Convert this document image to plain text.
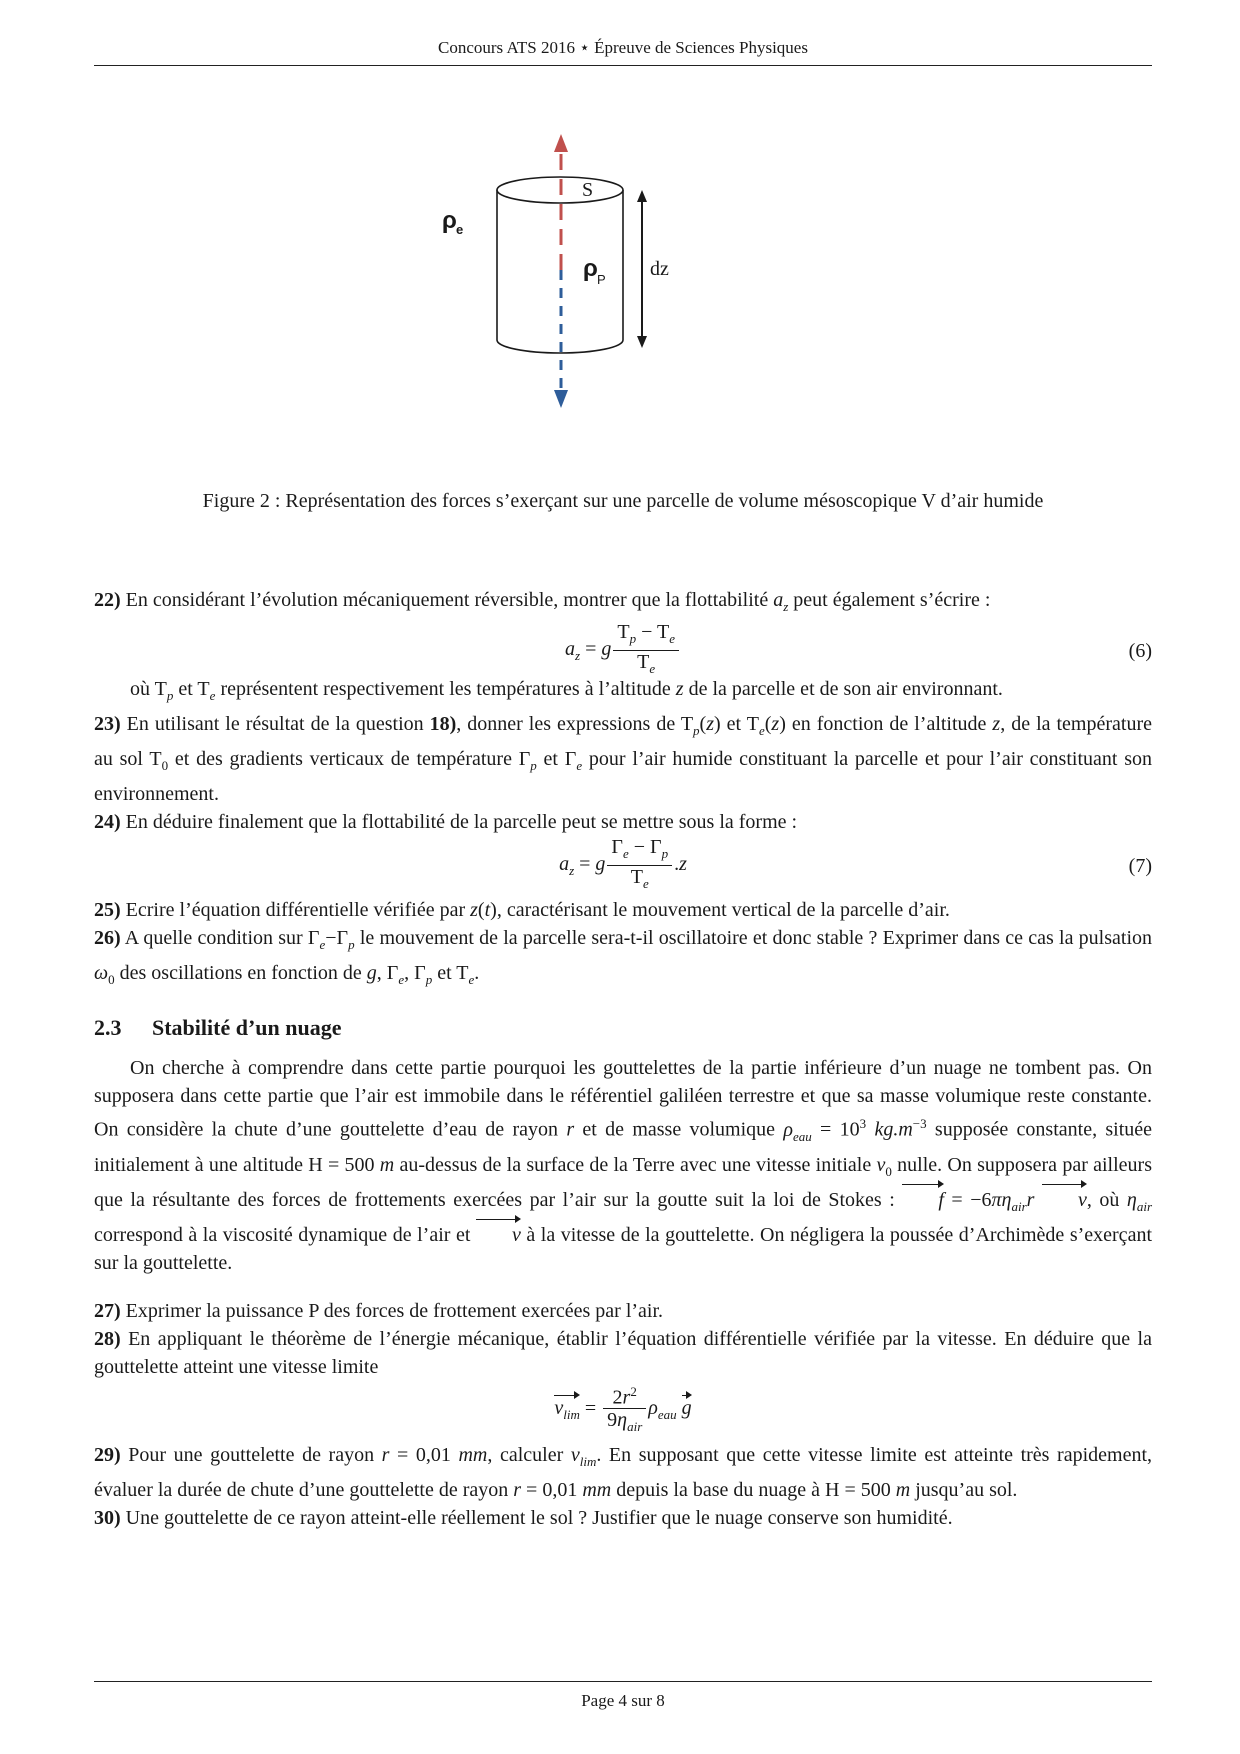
Concours ATS 2016 ⋆ Épreuve de Sciences Physiques
S
dz
ρ P
ρ e
Figure 2 : Représentation des forces s’exerçant sur une parcelle de volume mésoscopique V d’air humide

22) En considérant l’évolution mécaniquement réversible, montrer que la flottabilité $a_z$ peut également s’écrire :

$a_z = g \frac{T_p - T_e}{T_e}$	(6)

où $T_p$ et $T_e$ représentent respectivement les températures à l’altitude z de la parcelle et de son air environnant.

23) En utilisant le résultat de la question 18), donner les expressions de $T_p(z)$ et $T_e(z)$ en fonction de l’altitude z, de la température au sol $T_0$ et des gradients verticaux de température $\Gamma_p$ et $\Gamma_e$ pour l’air humide constituant la parcelle et pour l’air constituant son environnement.

24) En déduire finalement que la flottabilité de la parcelle peut se mettre sous la forme :

$a_z = g \frac{\Gamma_e - \Gamma_p}{T_e} .z$	(7)

25) Ecrire l’équation différentielle vérifiée par z(t), caractérisant le mouvement vertical de la parcelle d’air.

26) A quelle condition sur $\Gamma_e-\Gamma_p$ le mouvement de la parcelle sera-t-il oscillatoire et donc stable ? Exprimer dans ce cas la pulsation $\omega_0$ des oscillations en fonction de g, $\Gamma_e$, $\Gamma_p$ et $T_e$.

2.3 Stabilité d’un nuage

On cherche à comprendre dans cette partie pourquoi les gouttelettes de la partie inférieure d’un nuage ne tombent pas. On supposera dans cette partie que l’air est immobile dans le référentiel galiléen terrestre et que sa masse volumique reste constante. On considère la chute d’une gouttelette d’eau de rayon r et de masse volumique $\rho_{eau} = 10^3$ $kg.m^{-3}$ supposée constante, située initialement à une altitude H = 500 m au-dessus de la surface de la Terre avec une vitesse initiale $v_0$ nulle. On supposera par ailleurs que la résultante des forces de frottements exercées par l’air sur la goutte suit la loi de Stokes : $f = -6\pi\eta_{air}r$ v, où $\eta_{air}$ correspond à la viscosité dynamique de l’air et v à la vitesse de la gouttelette. On négligera la poussée d’Archimède s’exerçant sur la gouttelette.

27) Exprimer la puissance P des forces de frottement exercées par l’air.

28) En appliquant le théorème de l’énergie mécanique, établir l’équation différentielle vérifiée par la vitesse. En déduire que la gouttelette atteint une vitesse limite

$v_{lim} = \frac{2r^2}{9\eta_{air}} \rho_{eau}$ g

29) Pour une gouttelette de rayon r = 0,01 mm, calculer $v_{lim}$. En supposant que cette vitesse limite est atteinte très rapidement, évaluer la durée de chute d’une gouttelette de rayon r = 0,01 mm depuis la base du nuage à H = 500 m jusqu’au sol.

30) Une gouttelette de ce rayon atteint-elle réellement le sol ? Justifier que le nuage conserve son humidité.

Page 4 sur 8
